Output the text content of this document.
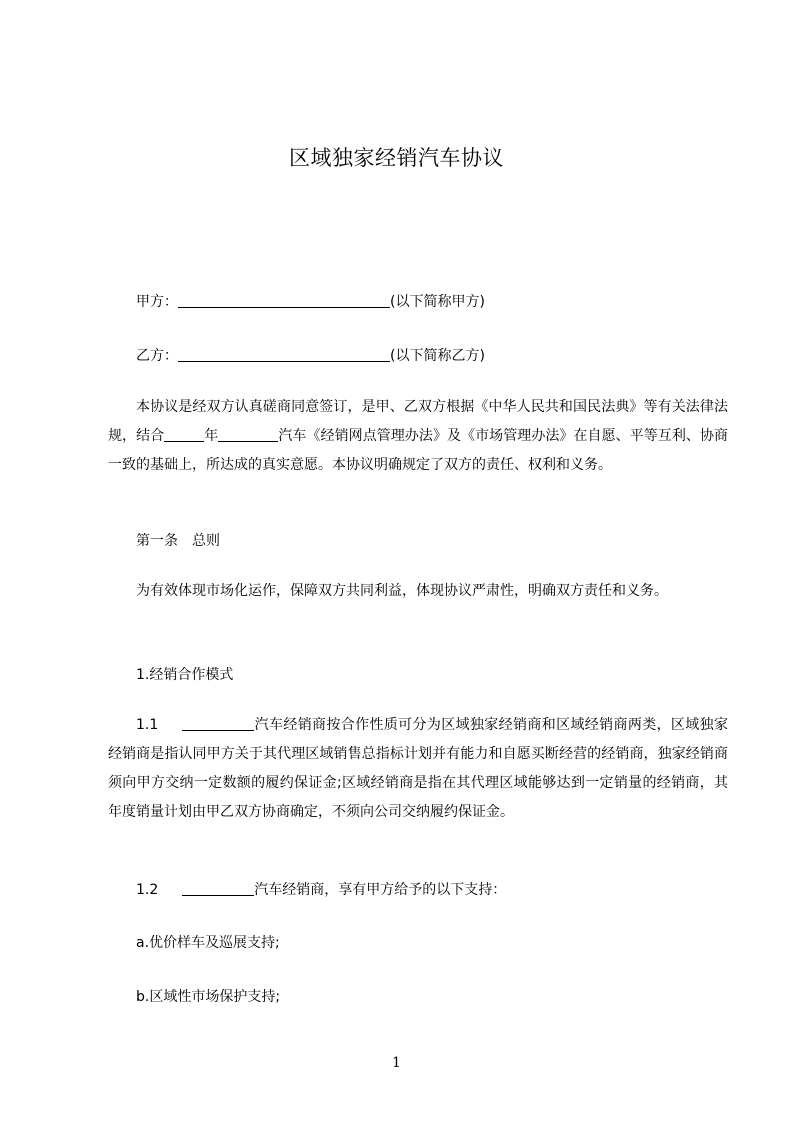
区域独家经销汽车协议
甲方：	(以下简称甲方)
乙方：	(以下简称乙方)
本协议是经双方认真磋商同意签订，是甲、乙双方根据《中华人民共和国民法典》等有关法律法规，结合	年	汽车《经销网点管理办法》及《市场管理办法》在自愿、平等互利、协商一致的基础上，所达成的真实意愿。本协议明确规定了双方的责任、权利和义务。
第一条　总则
为有效体现市场化运作，保障双方共同利益，体现协议严肃性，明确双方责任和义务。
1.经销合作模式
1.1	汽车经销商按合作性质可分为区域独家经销商和区域经销商两类，区域独家经销商是指认同甲方关于其代理区域销售总指标计划并有能力和自愿买断经营的经销商，独家经销商须向甲方交纳一定数额的履约保证金;区域经销商是指在其代理区域能够达到一定销量的经销商，其年度销量计划由甲乙双方协商确定，不须向公司交纳履约保证金。
1.2	汽车经销商，享有甲方给予的以下支持：
a.优价样车及巡展支持;
b.区域性市场保护支持;
1
